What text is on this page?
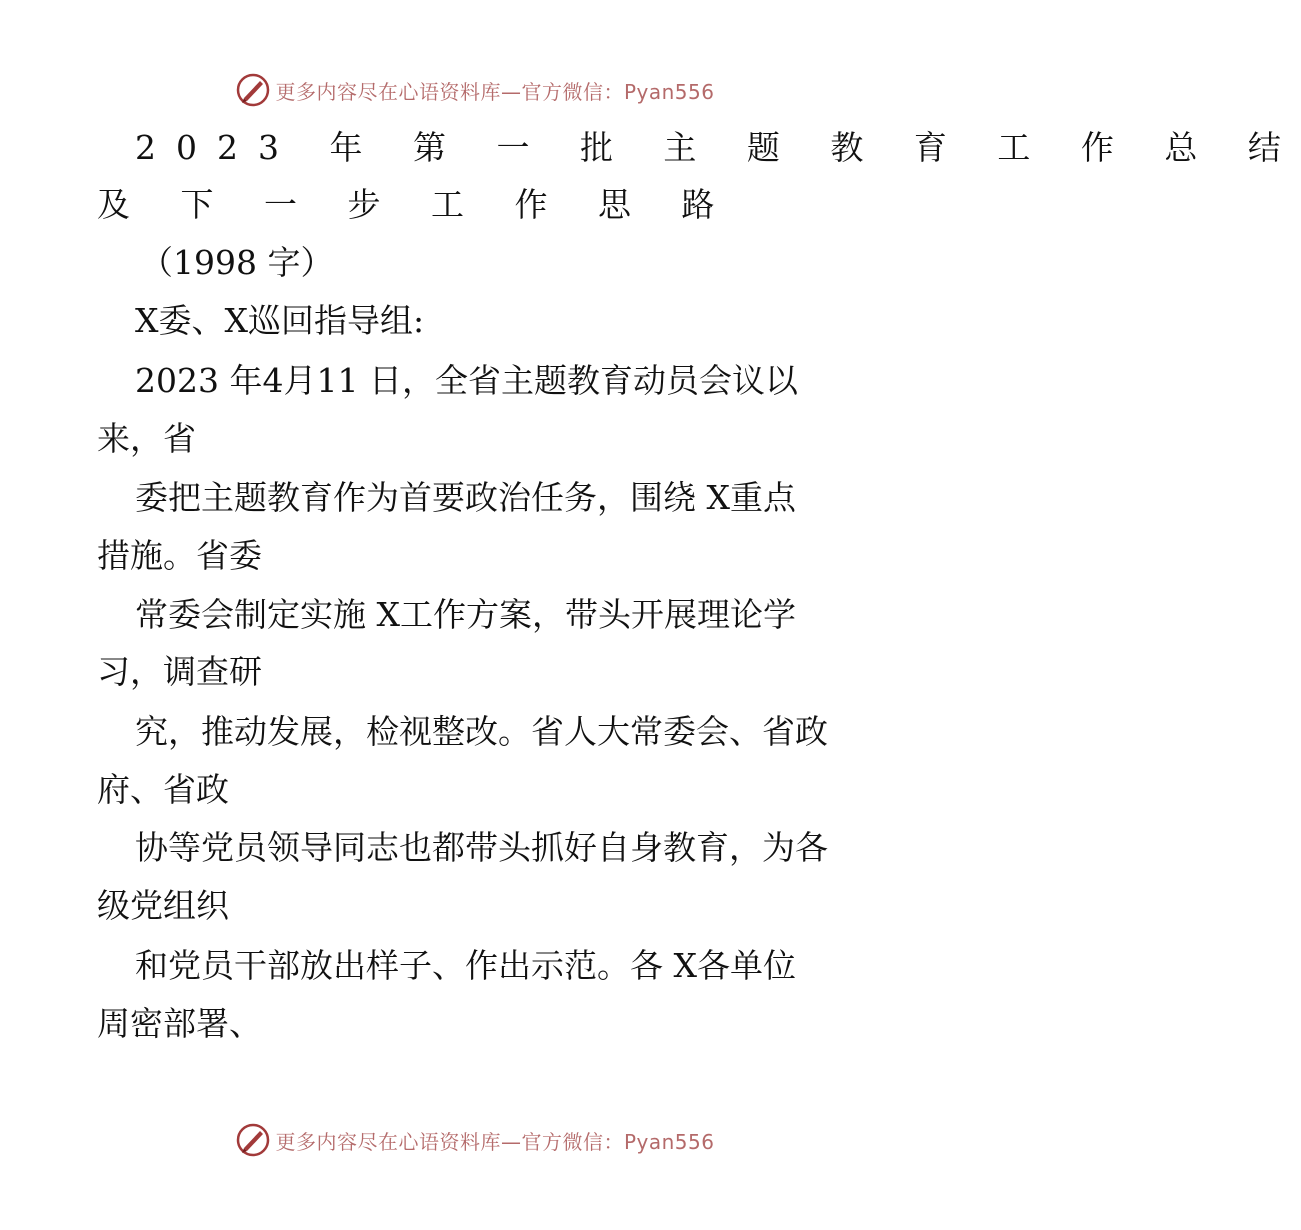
更多内容尽在心语资料库—官方微信：Pyan556
2023 年 第 一 批 主 题 教 育 工 作 总 结
及 下 一 步 工 作 思 路
（1998 字）
X委、X巡回指导组:
2023 年4月11 日，全省主题教育动员会议以
来，省
委把主题教育作为首要政治任务，围绕 X重点
措施。省委
常委会制定实施 X工作方案，带头开展理论学
习，调查研
究，推动发展，检视整改。省人大常委会、省政
府、省政
协等党员领导同志也都带头抓好自身教育，为各
级党组织
和党员干部放出样子、作出示范。各 X各单位
周密部署、
更多内容尽在心语资料库—官方微信：Pyan556
